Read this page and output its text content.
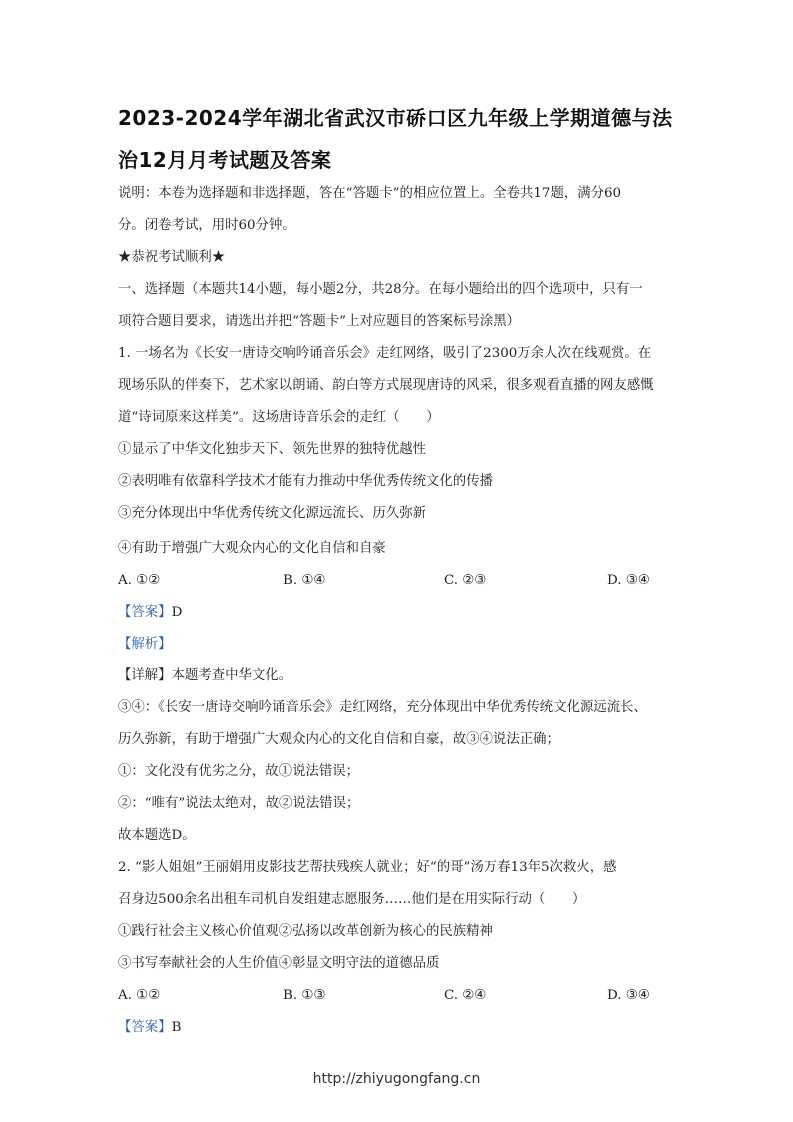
2023-2024学年湖北省武汉市硚口区九年级上学期道德与法
治12月月考试题及答案
说明：本卷为选择题和非选择题，答在“答题卡”的相应位置上。全卷共17题，满分60
分。闭卷考试，用时60分钟。
★恭祝考试顺利★
一、选择题（本题共14小题，每小题2分，共28分。在每小题给出的四个选项中，只有一
项符合题目要求，请选出并把“答题卡”上对应题目的答案标号涂黑）
1. 一场名为《长安一唐诗交响吟诵音乐会》走红网络，吸引了2300万余人次在线观赏。在
现场乐队的伴奏下，艺术家以朗诵、韵白等方式展现唐诗的风采，很多观看直播的网友感慨
道“诗词原来这样美”。这场唐诗音乐会的走红（　　）
①显示了中华文化独步天下、领先世界的独特优越性
②表明唯有依靠科学技术才能有力推动中华优秀传统文化的传播
③充分体现出中华优秀传统文化源远流长、历久弥新
④有助于增强广大观众内心的文化自信和自豪
A. ①②	B. ①④	C. ②③	D. ③④
【答案】D
【解析】
【详解】本题考查中华文化。
③④：《长安一唐诗交响吟诵音乐会》走红网络，充分体现出中华优秀传统文化源远流长、
历久弥新，有助于增强广大观众内心的文化自信和自豪，故③④说法正确；
①：文化没有优劣之分，故①说法错误；
②：“唯有”说法太绝对，故②说法错误；
故本题选D。
2. “影人姐姐”王丽娟用皮影技艺帮扶残疾人就业；好“的哥”汤万春13年5次救火，感
召身边500余名出租车司机自发组建志愿服务……他们是在用实际行动（　　）
①践行社会主义核心价值观②弘扬以改革创新为核心的民族精神
③书写奉献社会的人生价值④彰显文明守法的道德品质
A. ①②	B. ①③	C. ②④	D. ③④
【答案】B
http://zhiyugongfang.cn
